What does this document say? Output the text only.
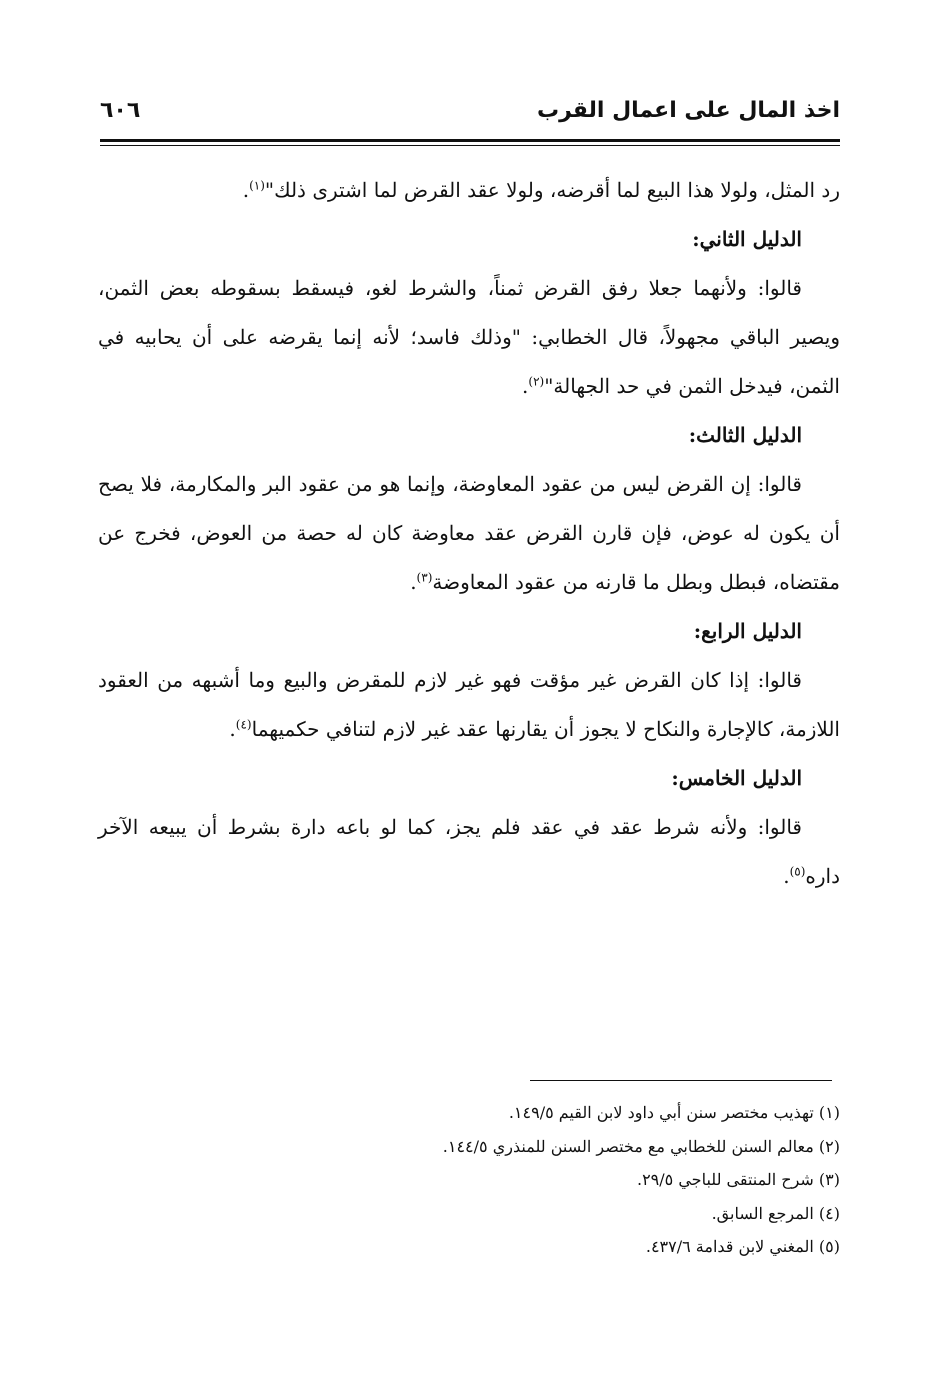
اخذ المال على اعمال القرب
٦٠٦

رد المثل، ولولا هذا البيع لما أقرضه، ولولا عقد القرض لما اشترى ذلك"$^{(١)}$.

الدليل الثاني:

قالوا: ولأنهما جعلا رفق القرض ثمناً، والشرط لغو، فيسقط بسقوطه بعض الثمن، ويصير الباقي مجهولاً، قال الخطابي: "وذلك فاسد؛ لأنه إنما يقرضه على أن يحابيه في الثمن، فيدخل الثمن في حد الجهالة"$^{(٢)}$.

الدليل الثالث:

قالوا: إن القرض ليس من عقود المعاوضة، وإنما هو من عقود البر والمكارمة، فلا يصح أن يكون له عوض، فإن قارن القرض عقد معاوضة كان له حصة من العوض، فخرج عن مقتضاه، فبطل وبطل ما قارنه من عقود المعاوضة$^{(٣)}$.

الدليل الرابع:

قالوا: إذا كان القرض غير مؤقت فهو غير لازم للمقرض والبيع وما أشبهه من العقود اللازمة، كالإجارة والنكاح لا يجوز أن يقارنها عقد غير لازم لتنافي حكميهما$^{(٤)}$.

الدليل الخامس:

قالوا: ولأنه شرط عقد في عقد فلم يجز، كما لو باعه دارة بشرط أن يبيعه الآخر داره$^{(٥)}$.

(١) تهذيب مختصر سنن أبي داود لابن القيم ١٤٩/٥.
(٢) معالم السنن للخطابي مع مختصر السنن للمنذري ١٤٤/٥.
(٣) شرح المنتقى للباجي ٢٩/٥.
(٤) المرجع السابق.
(٥) المغني لابن قدامة ٤٣٧/٦.
